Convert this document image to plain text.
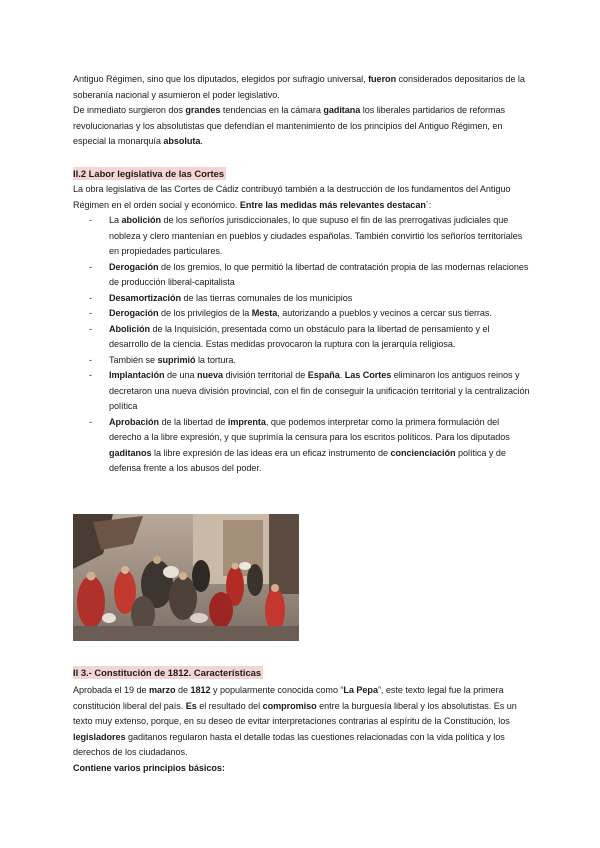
Antiguo Régimen, sino que los diputados, elegidos por sufragio universal, fueron considerados depositarios de la soberanía nacional y asumieron el poder legislativo.

De inmediato surgieron dos grandes tendencias en la cámara gaditana los liberales partidarios de reformas revolucionarias y los absolutistas que defendían el mantenimiento de los principios del Antiguo Régimen, en especial la monarquía absoluta.

II.2 Labor legislativa de las Cortes

La obra legislativa de las Cortes de Cádiz contribuyó también a la destrucción de los fundamentos del Antiguo Régimen en el orden social y económico. Entre las medidas más relevantes destacan´:

- La abolición de los señoríos jurisdiccionales, lo que supuso el fin de las prerrogativas judiciales que nobleza y clero mantenían en pueblos y ciudades españolas. También convirtió los señoríos territoriales en propiedades particulares.
- Derogación de los gremios, lo que permitió la libertad de contratación propia de las modernas relaciones de producción liberal-capitalista
- Desamortización de las tierras comunales de los municipios
- Derogación de los privilegios de la Mesta, autorizando a pueblos y vecinos a cercar sus tierras.
- Abolición de la Inquisición, presentada como un obstáculo para la libertad de pensamiento y el desarrollo de la ciencia. Estas medidas provocaron la ruptura con la jerarquía religiosa.
- También se suprimió la tortura.
- Implantación de una nueva división territorial de España. Las Cortes eliminaron los antiguos reinos y decretaron una nueva división provincial, con el fin de conseguir la unificación territorial y la centralización política
- Aprobación de la libertad de imprenta, que podemos interpretar como la primera formulación del derecho a la libre expresión, y que suprimía la censura para los escritos políticos. Para los diputados gaditanos la libre expresión de las ideas era un eficaz instrumento de concienciación política y de defensa frente a los abusos del poder.
II 3.- Constitución de 1812. Características

Aprobada el 19 de marzo de 1812 y popularmente conocida como “La Pepa”, este texto legal fue la primera constitución liberal del país. Es el resultado del compromiso entre la burguesía liberal y los absolutistas. Es un texto muy extenso, porque, en su deseo de evitar interpretaciones contrarias al espíritu de la Constitución, los legisladores gaditanos regularon hasta el detalle todas las cuestiones relacionadas con la vida política y los derechos de los ciudadanos.

Contiene varios principios básicos:
